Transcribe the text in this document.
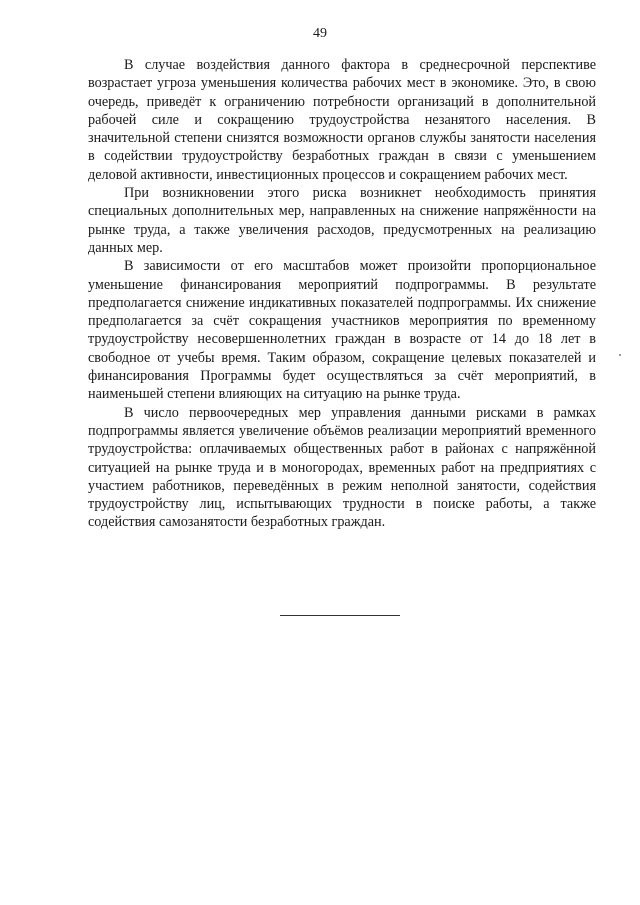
49

В случае воздействия данного фактора в среднесрочной перспективе возрастает угроза уменьшения количества рабочих мест в экономике. Это, в свою очередь, приведёт к ограничению потребности организаций в дополнительной рабочей силе и сокращению трудоустройства незанятого населения. В значительной степени снизятся возможности органов службы занятости населения в содействии трудоустройству безработных граждан в связи с уменьшением деловой активности, инвестиционных процессов и сокращением рабочих мест.

При возникновении этого риска возникнет необходимость принятия специальных дополнительных мер, направленных на снижение напряжённости на рынке труда, а также увеличения расходов, предусмотренных на реализацию данных мер.

В зависимости от его масштабов может произойти пропорциональное уменьшение финансирования мероприятий подпрограммы. В результате предполагается снижение индикативных показателей подпрограммы. Их снижение предполагается за счёт сокращения участников мероприятия по временному трудоустройству несовершеннолетних граждан в возрасте от 14 до 18 лет в свободное от учебы время. Таким образом, сокращение целевых показателей и финансирования Программы будет осуществляться за счёт мероприятий, в наименьшей степени влияющих на ситуацию на рынке труда.

В число первоочередных мер управления данными рисками в рамках подпрограммы является увеличение объёмов реализации мероприятий временного трудоустройства: оплачиваемых общественных работ в районах с напряжённой ситуацией на рынке труда и в моногородах, временных работ на предприятиях с участием работников, переведённых в режим неполной занятости, содействия трудоустройству лиц, испытывающих трудности в поиске работы, а также содействия самозанятости безработных граждан.
